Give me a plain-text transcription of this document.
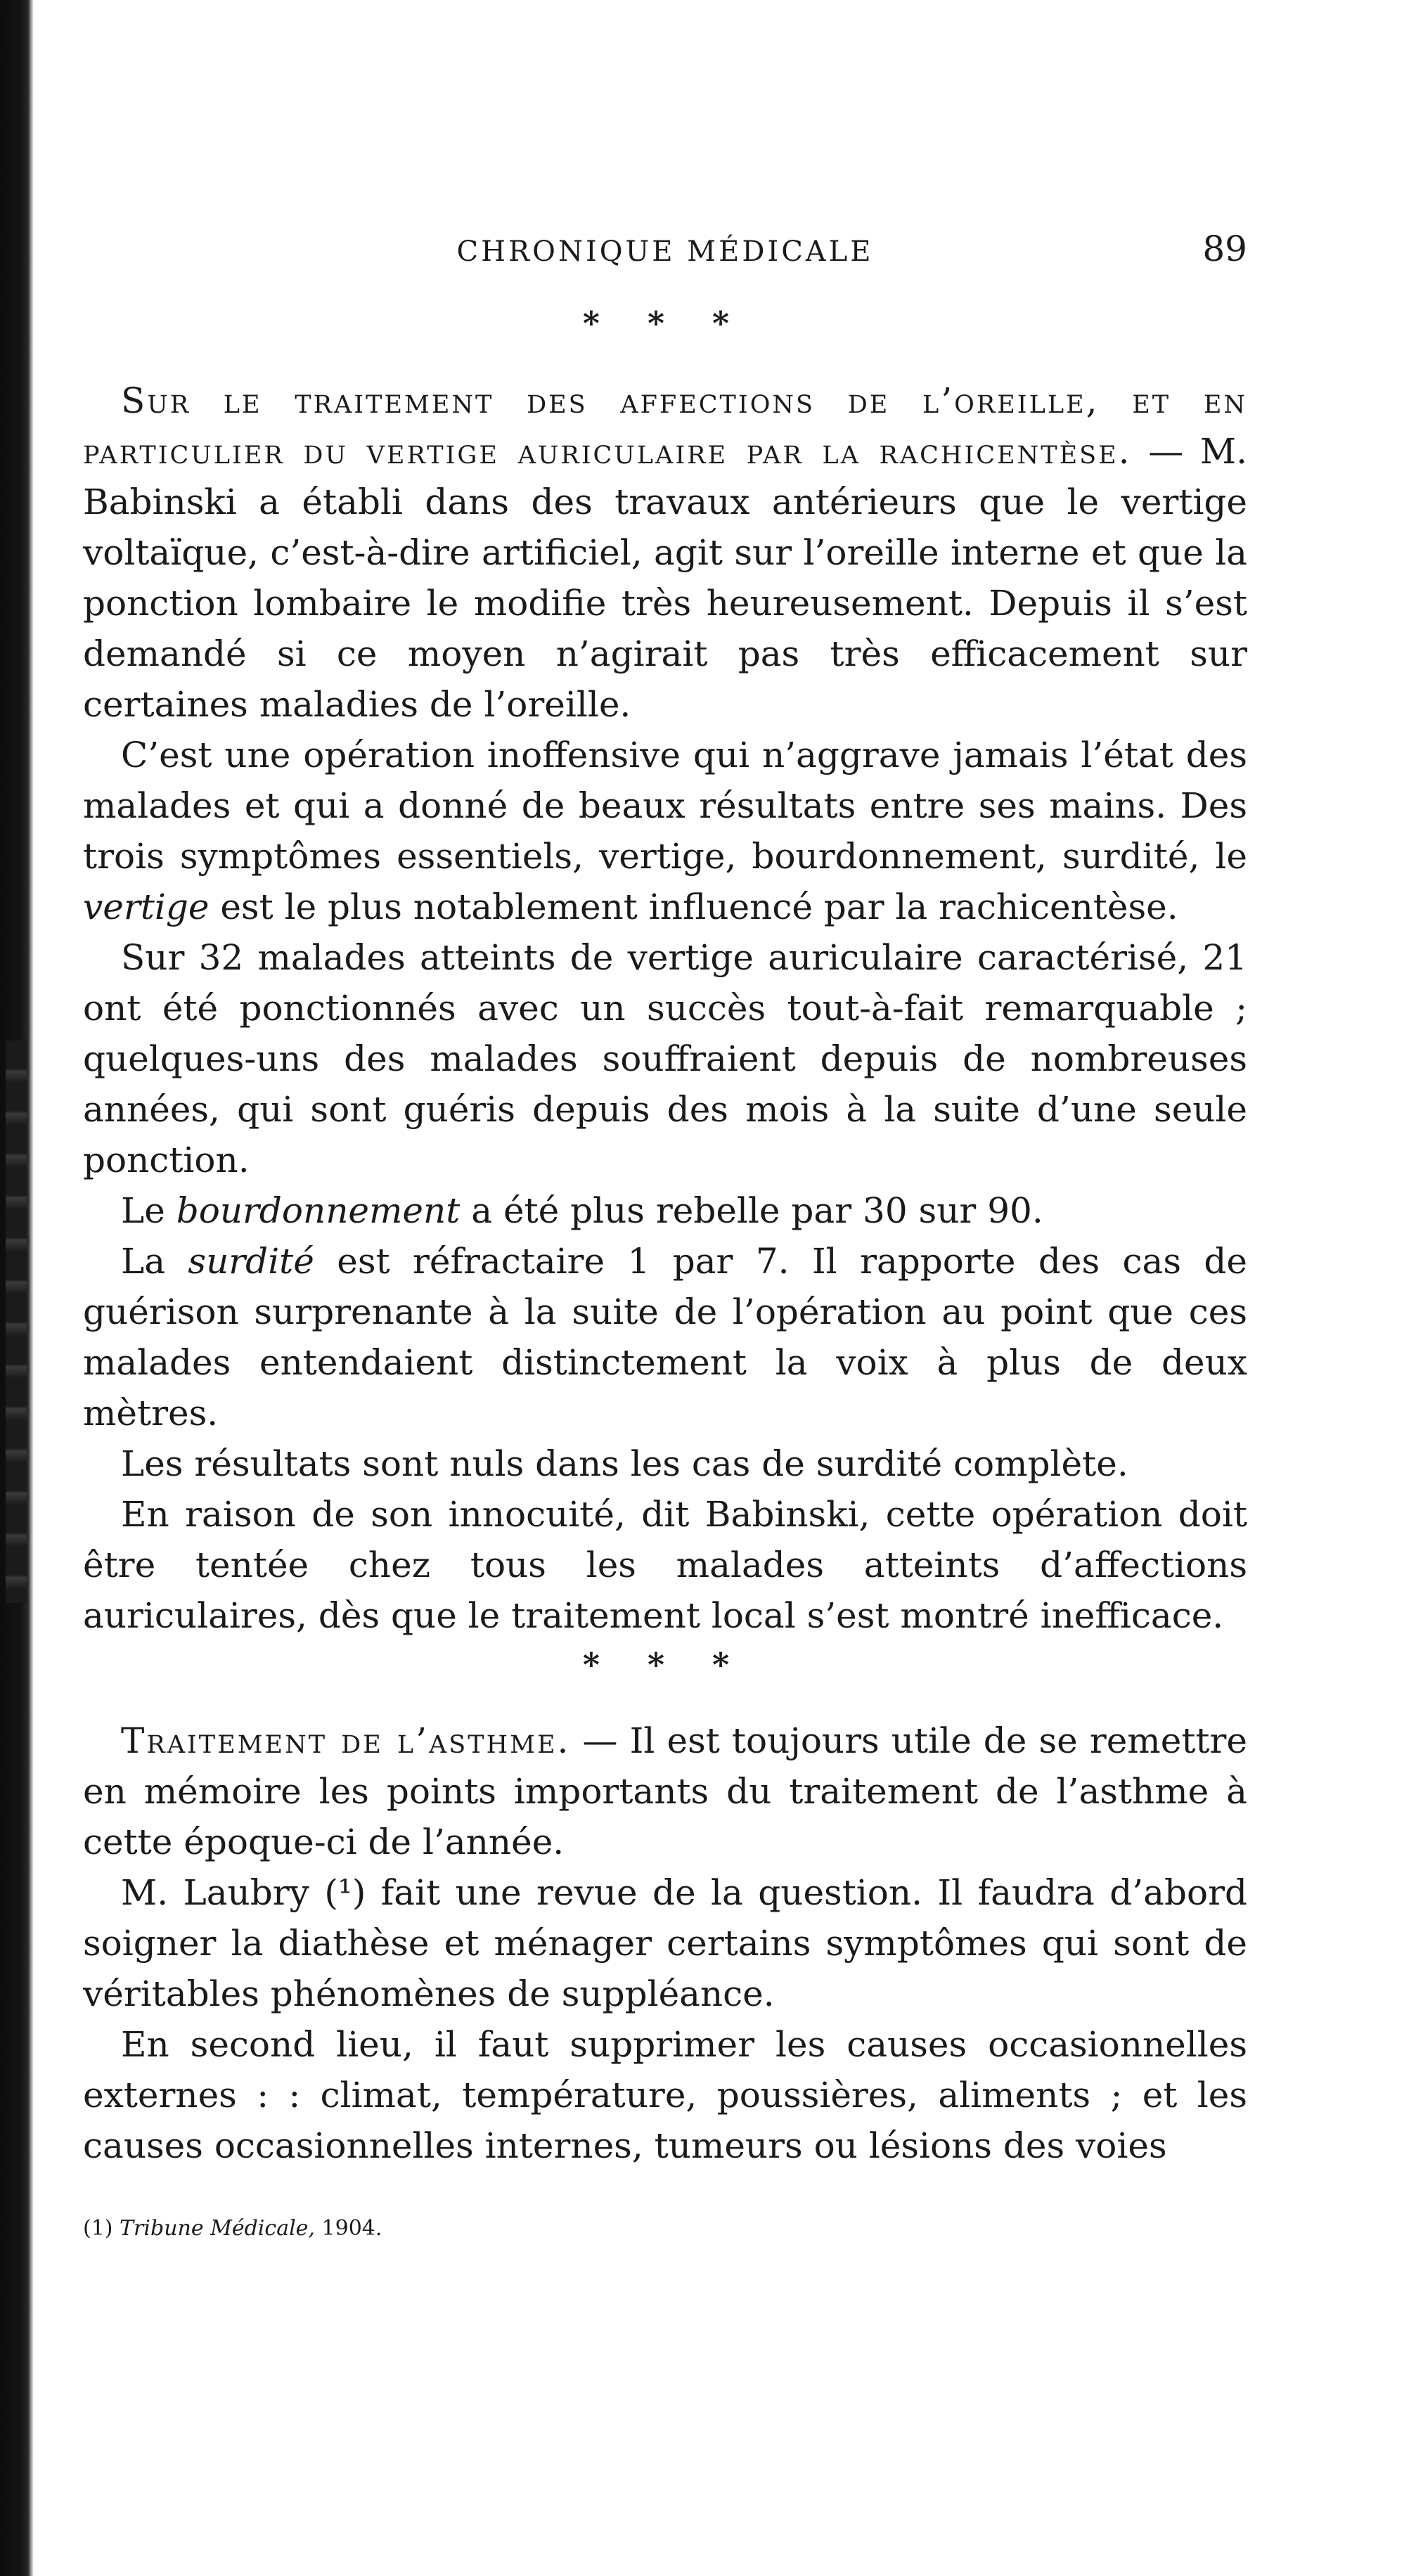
CHRONIQUE MÉDICALE	89
* * *

Sur le traitement des affections de l’oreille, et en particulier du vertige auriculaire par la rachicentèse. — M. Babinski a établi dans des travaux antérieurs que le vertige voltaïque, c’est-à-dire artificiel, agit sur l’oreille interne et que la ponction lombaire le modifie très heureusement. Depuis il s’est demandé si ce moyen n’agirait pas très efficacement sur certaines maladies de l’oreille.

C’est une opération inoffensive qui n’aggrave jamais l’état des malades et qui a donné de beaux résultats entre ses mains. Des trois symptômes essentiels, vertige, bourdonnement, surdité, le vertige est le plus notablement influencé par la rachicentèse.

Sur 32 malades atteints de vertige auriculaire caractérisé, 21 ont été ponctionnés avec un succès tout-à-fait remarquable ; quelques-uns des malades souffraient depuis de nombreuses années, qui sont guéris depuis des mois à la suite d’une seule ponction.

Le bourdonnement a été plus rebelle par 30 sur 90.

La surdité est réfractaire 1 par 7. Il rapporte des cas de guérison surprenante à la suite de l’opération au point que ces malades entendaient distinctement la voix à plus de deux mètres.

Les résultats sont nuls dans les cas de surdité complète.

En raison de son innocuité, dit Babinski, cette opération doit être tentée chez tous les malades atteints d’affections auriculaires, dès que le traitement local s’est montré inefficace.

* * *

Traitement de l’asthme. — Il est toujours utile de se remettre en mémoire les points importants du traitement de l’asthme à cette époque-ci de l’année.

M. Laubry (¹) fait une revue de la question. Il faudra d’abord soigner la diathèse et ménager certains symptômes qui sont de véritables phénomènes de suppléance.

En second lieu, il faut supprimer les causes occasionnelles externes : : climat, température, poussières, aliments ; et les causes occasionnelles internes, tumeurs ou lésions des voies

(1) Tribune Médicale, 1904.
